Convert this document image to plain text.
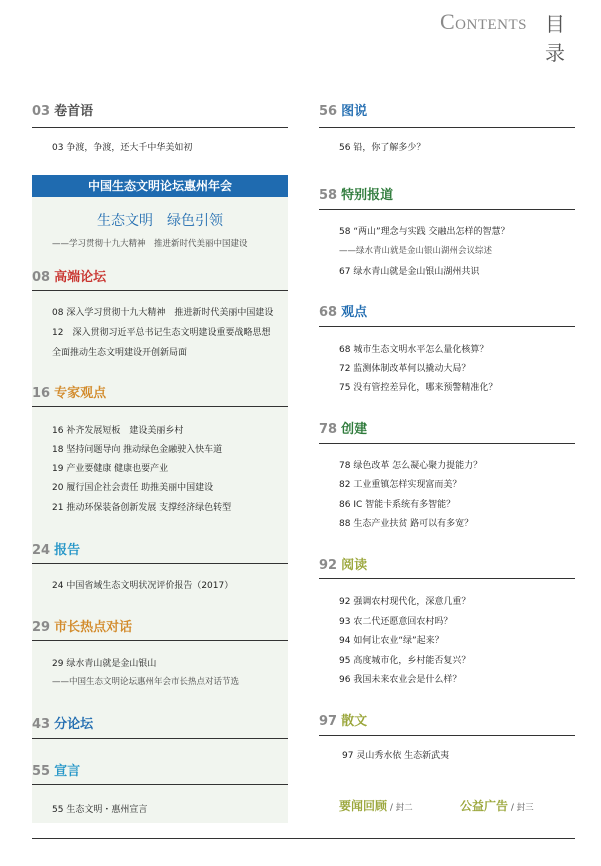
Contents 目 录
03 卷首语
03 争渡，争渡，还大千中华美如初
中国生态文明论坛惠州年会
生态文明　绿色引领
——学习贯彻十九大精神　推进新时代美丽中国建设
08 高端论坛
08 深入学习贯彻十九大精神　推进新时代美丽中国建设
12　深入贯彻习近平总书记生态文明建设重要战略思想
全面推动生态文明建设开创新局面
16 专家观点
16 补齐发展短板　建设美丽乡村
18 坚持问题导向 推动绿色金融驶入快车道
19 产业要健康 健康也要产业
20 履行国企社会责任 助推美丽中国建设
21 推动环保装备创新发展 支撑经济绿色转型
24 报告
24 中国省域生态文明状况评价报告（2017）
29 市长热点对话
29 绿水青山就是金山银山
——中国生态文明论坛惠州年会市长热点对话节选
43 分论坛
55 宣言
55 生态文明・惠州宣言
56 图说
56 铅，你了解多少？
58 特别报道
58 “两山”理念与实践 交融出怎样的智慧？
——绿水青山就是金山银山湖州会议综述
67 绿水青山就是金山银山湖州共识
68 观点
68 城市生态文明水平怎么量化核算？
72 监测体制改革何以撬动大局？
75 没有管控差异化，哪来预警精准化？
78 创建
78 绿色改革 怎么凝心聚力提能力？
82 工业重镇怎样实现富而美？
86 IC 智能卡系统有多智能？
88 生态产业扶贫 路可以有多宽？
92 阅读
92 强调农村现代化，深意几重？
93 农二代还愿意回农村吗？
94 如何让农业“绿”起来？
95 高度城市化，乡村能否复兴？
96 我国未来农业会是什么样？
97 散文
97 灵山秀水依 生态新武夷
要闻回顾 / 封二	公益广告 / 封三
